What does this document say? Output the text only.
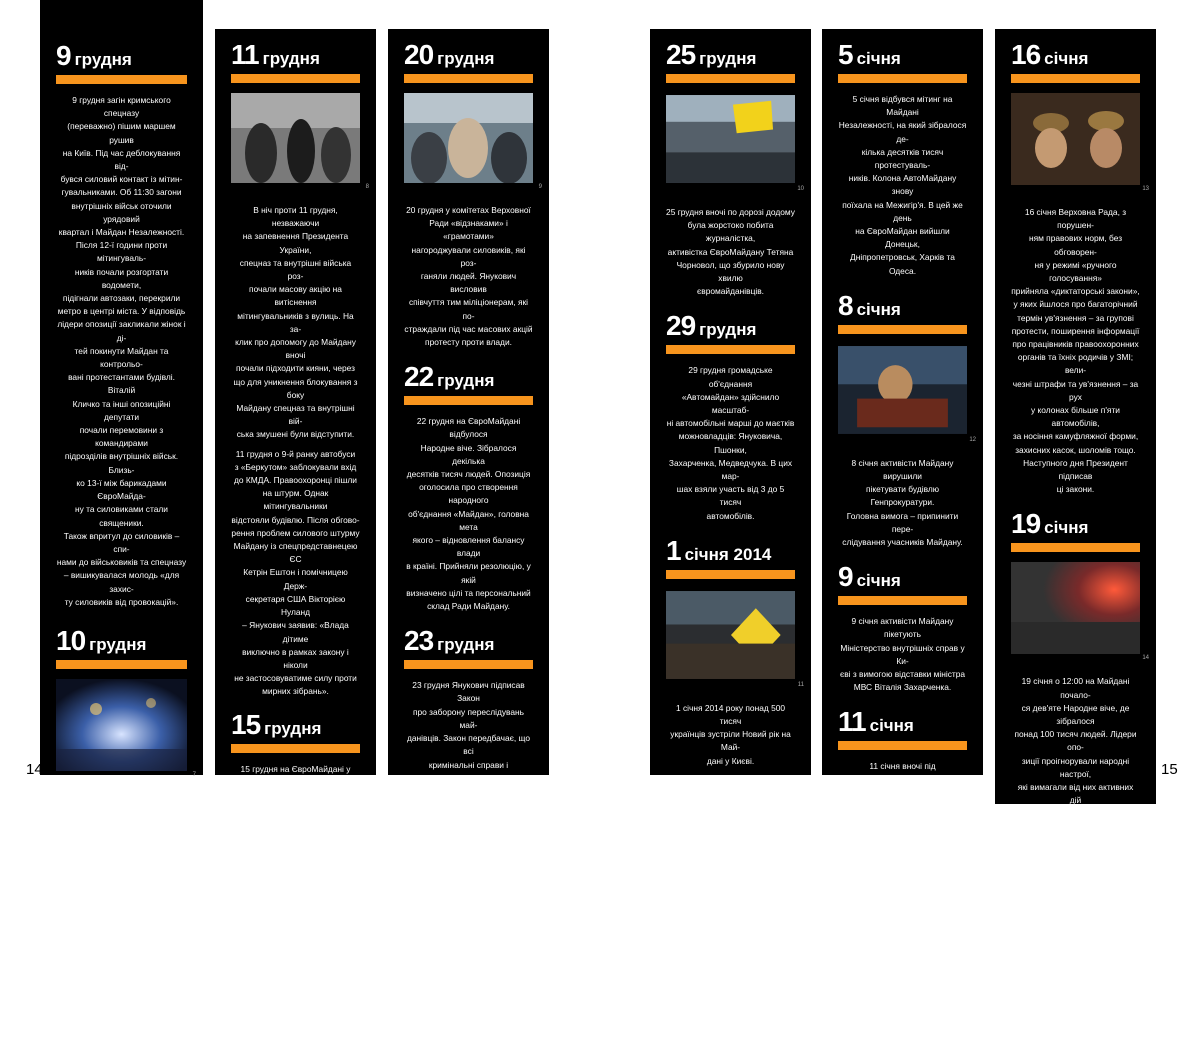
9 грудня

9 грудня загін кримського спецназу
(переважно) пішим маршем рушив
на Київ. Під час деблокування від-
бувся силовий контакт із мітин-
гувальниками. Об 11:30 загони
внутрішніх військ оточили урядовий
квартал і Майдан Незалежності.
Після 12-ї години проти мітингуваль-
ників почали розгортати водомети,
підігнали автозаки, перекрили
метро в центрі міста. У відповідь
лідери опозиції закликали жінок і ді-
тей покинути Майдан та контрольо-
вані протестантами будівлі. Віталій
Кличко та інші опозиційні депутати
почали перемовини з командирами
підрозділів внутрішніх військ. Близь-
ко 13-ї між барикадами ЄвроМайда-
ну та силовиками стали священики.
Також впритул до силовиків – спи-
нами до військовиків та спецназу
– вишикувалася молодь «для захис-
ту силовиків від провокацій».

10 грудня
7

10 грудня Шевченківський суд
прийняв рішення про примусове
виселення штабу євромайданівців
із Будинку профспілок. Близько 23-ї
на Майдані оголосили мобілізацію.

11 грудня
8

В ніч проти 11 грудня, незважаючи
на запевнення Президента України,
спецназ та внутрішні війська роз-
почали масову акцію на витіснення
мітингувальників з вулиць. На за-
клик про допомогу до Майдану вночі
почали підходити кияни, через
що для уникнення блокування з боку
Майдану спецназ та внутрішні вій-
ська змушені були відступити.

11 грудня о 9-й ранку автобуси
з «Беркутом» заблокували вхід
до КМДА. Правоохоронці пішли
на штурм. Однак мітингувальники
відстояли будівлю. Після обгово-
рення проблем силового штурму
Майдану із спецпредставнецею ЄС
Кетрін Ештон і помічницею Держ-
секретаря США Вікторією Нуланд
– Янукович заявив: «Влада дітиме
виключно в рамках закону і ніколи
не застосовуватиме силу проти
мирних зібрань».

15 грудня

15 грудня на ЄвроМайдані у Києві
відбувся «День Гідності», третє На-
родне віче. За різними оцінками,
зібралось 150-300 тисяч людей.
В цей день у Януковича запланова-
ний візит у Москву, Майдан заборо-
няє йому підписувати будь-які угоди
з президентом Росії Володимиром
Путіним. Також приймає резо-
люцію з вимогою випустити всіх
політв'язнів.

20 грудня
9

20 грудня у комітетах Верховної
Ради «відзнаками» і «грамотами»
нагороджували силовиків, які роз-
ганяли людей. Янукович висловив
співчуття тим міліціонерам, які по-
страждали під час масових акцій
протесту проти влади.

22 грудня

22 грудня на ЄвроМайдані відбулося
Народне віче. Зібралося декілька
десятків тисяч людей. Опозиція
оголосила про створення народного
об'єднання «Майдан», головна мета
якого – відновлення балансу влади
в країні. Прийняли резолюцію, у якій
визначено цілі та персональний
склад Ради Майдану.

23 грудня

23 грудня Янукович підписав Закон
про заборону переслідувань май-
данівців. Закон передбачає, що всі
кримінальні справи і провадження
з приводу адміністративних право-
порушень повинні бути закриті.

25 грудня
10

25 грудня вночі по дорозі додому
була жорстоко побита журналістка,
активістка ЄвроМайдану Тетяна
Чорновол, що збурило нову хвилю
євромайданівців.

29 грудня

29 грудня громадське об'єднання
«Автомайдан» здійснило масштаб-
ні автомобільні марші до маєтків
можновладців: Януковича, Пшонки,
Захарченка, Медведчука. В цих мар-
шах взяли участь від 3 до 5 тисяч
автомобілів.

1 січня 2014
11

1 січня 2014 року понад 500 тисяч
українців зустріли Новий рік на Май-
дані у Києві.

2 січня ДАІ почало викликати
на співбесіди та відбирати водій-
ські права у людей, які 29 грудня
їздили в Межигір'я до резиденції
Януковича.

5 січня

5 січня відбувся мітинг на Майдані
Незалежності, на який зібралося де-
кілька десятків тисяч протестуваль-
ників. Колона АвтоМайдану знову
поїхала на Межигір'я. В цей же день
на ЄвроМайдан вийшли Донецьк,
Дніпропетровськ, Харків та Одеса.

8 січня
12

8 січня активісти Майдану вирушили
пікетувати будівлю Генпрокуратури.
Головна вимога – припинити пере-
слідування учасників Майдану.

9 січня

9 січня активісти Майдану пікетують
Міністерство внутрішніх справ у Ки-
єві з вимогою відставки міністра
МВС Віталія Захарченка.

11 січня

11 січня вночі під Святошинським
РВВС у Києві "Беркут" побив Юрія
Луценка і ще декількох активістів.

16 січня
13

16 січня Верховна Рада, з порушен-
ням правових норм, без обговорен-
ня у режимі «ручного голосування»
прийняла «диктаторські закони»,
у яких йшлося про багаторічний
термін ув'язнення – за групові
протести, поширення інформації
про працівників правоохоронних
органів та їхніх родичів у ЗМІ; вели-
чезні штрафи та ув'язнення – за рух
у колонах більше п'яти автомобілів,
за носіння камуфляжної форми,
захисних касок, шоломів тощо.
Наступного дня Президент підписав
ці закони.

19 січня
14

19 січня о 12:00 на Майдані почало-
ся дев'яте Народне віче, де зібралося
понад 100 тисяч людей. Лідери опо-
зиції проігнорували народні настрої,
які вимагали від них активних дій
супроти «диктаторських законів»,
через які майже всі протестуючі
потрапляли в розряд «екстремістів-
терористів». На думку більшості, так
звані лідери «зливали» Майдан. Після
звернення до мітингуючих одного
з лідерів АвтоМайдану Сергія Коби
з пропозицією рушити до Кабміну,
мітингувальники вирушили ходою

14	15
